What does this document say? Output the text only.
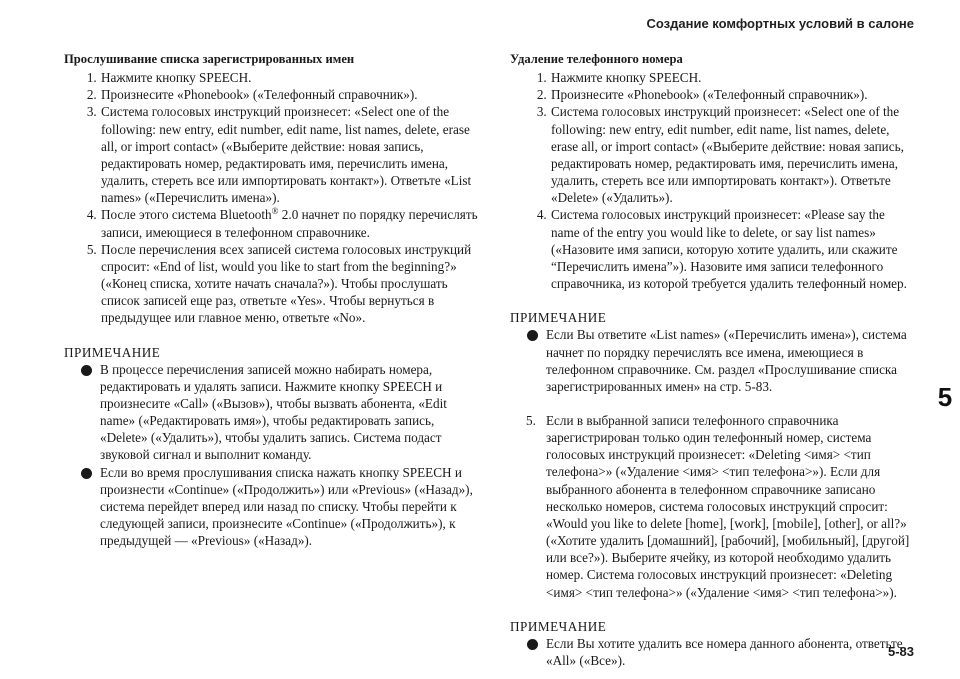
Создание комфортных условий в салоне
5
Прослушивание списка зарегистрированных имен
1. Нажмите кнопку SPEECH.
2. Произнесите «Phonebook» («Телефонный справочник»).
3. Система голосовых инструкций произнесет: «Select one of the following: new entry, edit number, edit name, list names, delete, erase all, or import contact» («Выберите действие: новая запись, редактировать номер, редактировать имя, перечислить имена, удалить, стереть все или импортировать контакт»). Ответьте «List names» («Перечислить имена»).
4. После этого система Bluetooth® 2.0 начнет по порядку перечислять записи, имеющиеся в телефонном справочнике.
5. После перечисления всех записей система голосовых инструкций спросит: «End of list, would you like to start from the beginning?» («Конец списка, хотите начать сначала?»). Чтобы прослушать список записей еще раз, ответьте «Yes». Чтобы вернуться в предыдущее или главное меню, ответьте «No».
ПРИМЕЧАНИЕ
В процессе перечисления записей можно набирать номера, редактировать и удалять записи. Нажмите кнопку SPEECH и произнесите «Call» («Вызов»), чтобы вызвать абонента, «Edit name» («Редактировать имя»), чтобы редактировать запись, «Delete» («Удалить»), чтобы удалить запись. Система подаст звуковой сигнал и выполнит команду.
Если во время прослушивания списка нажать кнопку SPEECH и произнести «Continue» («Продолжить») или «Previous» («Назад»), система перейдет вперед или назад по списку. Чтобы перейти к следующей записи, произнесите «Continue» («Продолжить»), к предыдущей — «Previous» («Назад»).
Удаление телефонного номера
1. Нажмите кнопку SPEECH.
2. Произнесите «Phonebook» («Телефонный справочник»).
3. Система голосовых инструкций произнесет: «Select one of the following: new entry, edit number, edit name, list names, delete, erase all, or import contact» («Выберите действие: новая запись, редактировать номер, редактировать имя, перечислить имена, удалить, стереть все или импортировать контакт»). Ответьте «Delete» («Удалить»).
4. Система голосовых инструкций произнесет: «Please say the name of the entry you would like to delete, or say list names» («Назовите имя записи, которую хотите удалить, или скажите “Перечислить имена”»). Назовите имя записи телефонного справочника, из которой требуется удалить телефонный номер.
ПРИМЕЧАНИЕ
Если Вы ответите «List names» («Перечислить имена»), система начнет по порядку перечислять все имена, имеющиеся в телефонном справочнике. См. раздел «Прослушивание списка зарегистрированных имен» на стр. 5-83.
5. Если в выбранной записи телефонного справочника зарегистрирован только один телефонный номер, система голосовых инструкций произнесет: «Deleting <имя> <тип телефона>» («Удаление <имя> <тип телефона>»). Если для выбранного абонента в телефонном справочнике записано несколько номеров, система голосовых инструкций спросит: «Would you like to delete [home], [work], [mobile], [other], or all?» («Хотите удалить [домашний], [рабочий], [мобильный], [другой] или все?»). Выберите ячейку, из которой необходимо удалить номер. Система голосовых инструкций произнесет: «Deleting <имя> <тип телефона>» («Удаление <имя> <тип телефона>»).
ПРИМЕЧАНИЕ
Если Вы хотите удалить все номера данного абонента, ответьте «All» («Все»).
5-83
